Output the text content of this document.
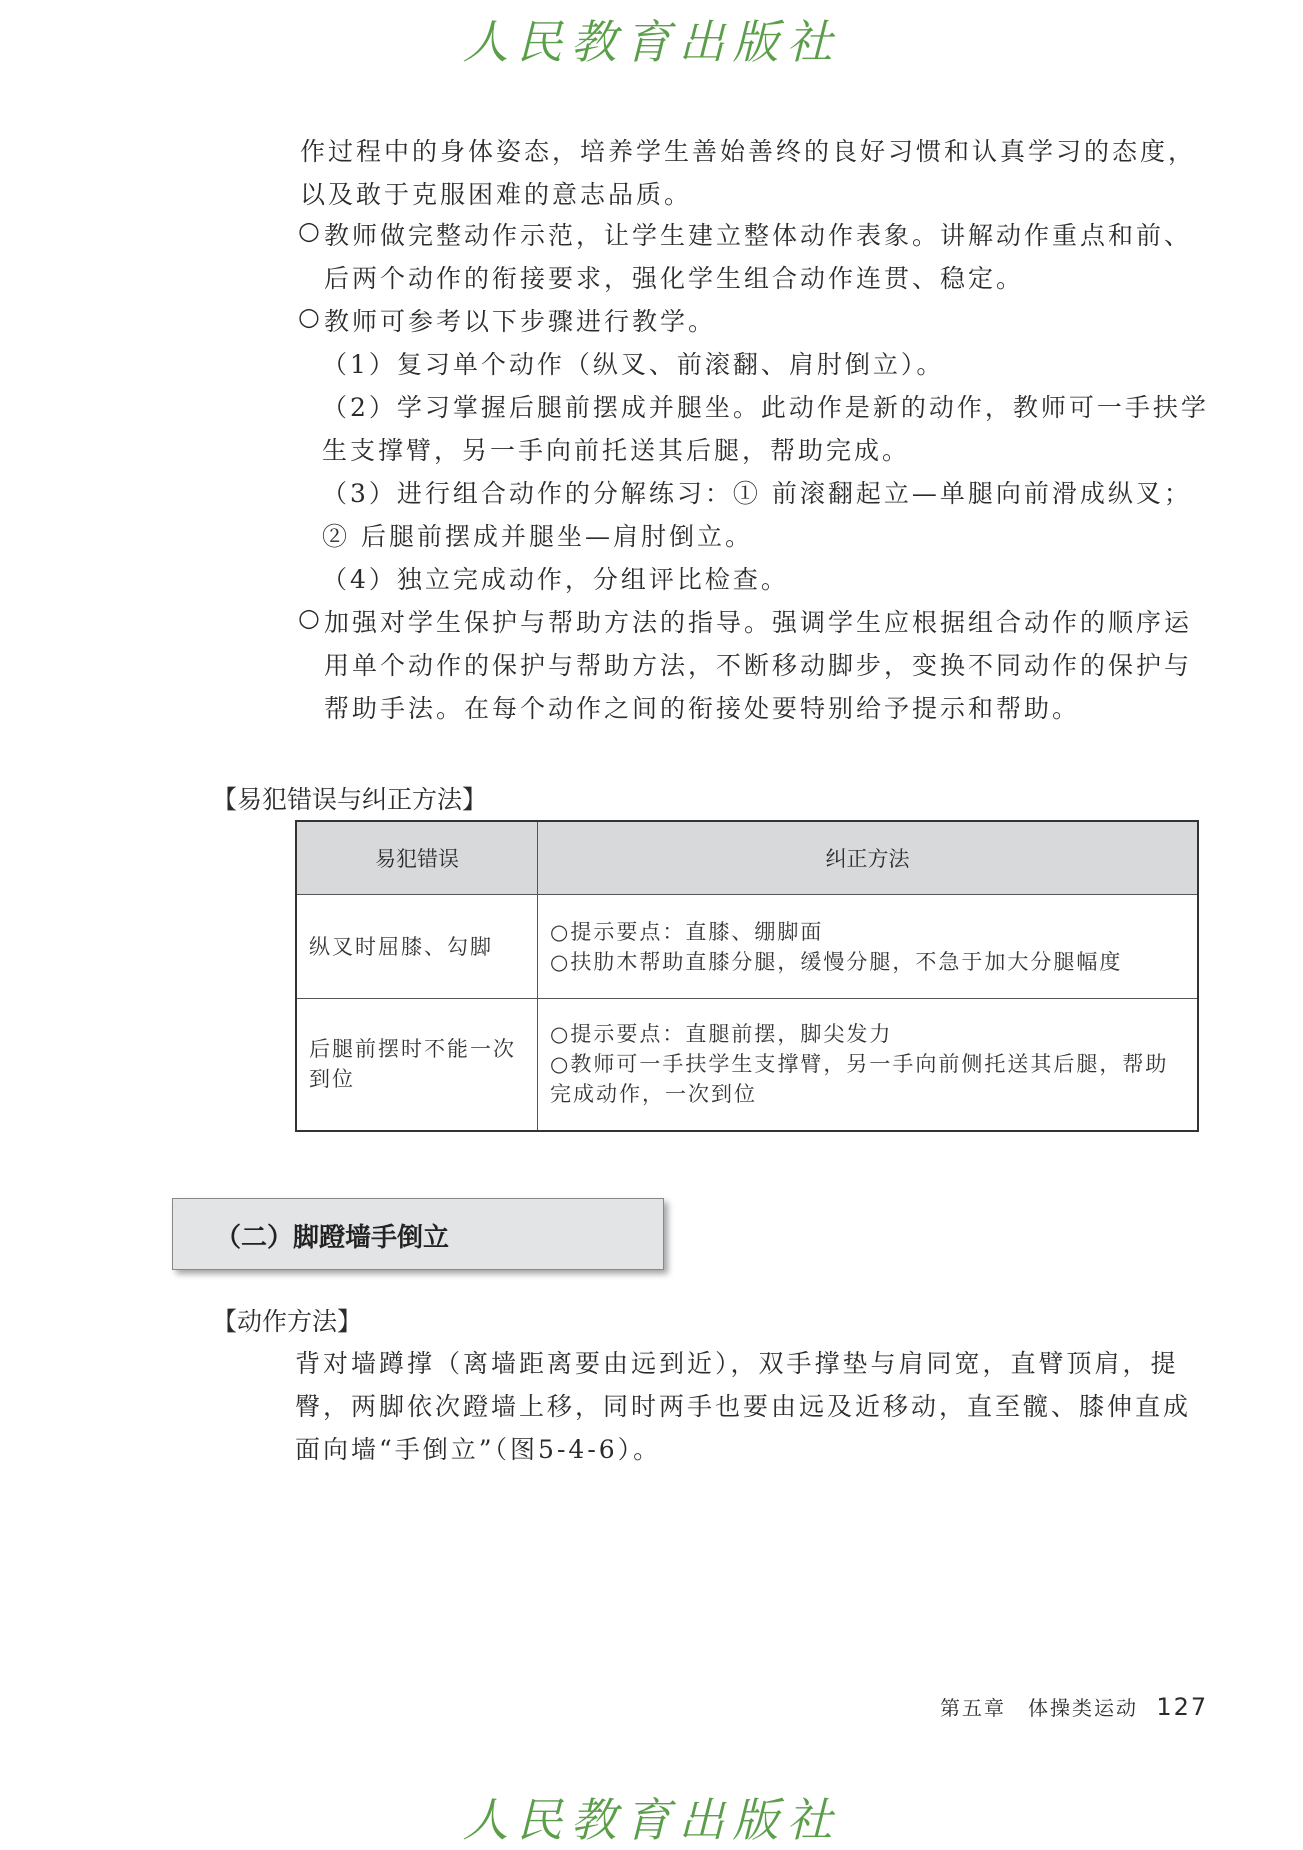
人民教育出版社
作过程中的身体姿态，培养学生善始善终的良好习惯和认真学习的态度，
以及敢于克服困难的意志品质。
○ 教师做完整动作示范，让学生建立整体动作表象。讲解动作重点和前、
后两个动作的衔接要求，强化学生组合动作连贯、稳定。
○ 教师可参考以下步骤进行教学。
（1）复习单个动作（纵叉、前滚翻、肩肘倒立）。
（2）学习掌握后腿前摆成并腿坐。此动作是新的动作，教师可一手扶学
生支撑臂，另一手向前托送其后腿，帮助完成。
（3）进行组合动作的分解练习：① 前滚翻起立—单腿向前滑成纵叉；
② 后腿前摆成并腿坐—肩肘倒立。
（4）独立完成动作，分组评比检查。
○ 加强对学生保护与帮助方法的指导。强调学生应根据组合动作的顺序运
用单个动作的保护与帮助方法，不断移动脚步，变换不同动作的保护与
帮助手法。在每个动作之间的衔接处要特别给予提示和帮助。
【易犯错误与纠正方法】
易犯错误	纠正方法
纵叉时屈膝、勾脚	○提示要点：直膝、绷脚面
○扶肋木帮助直膝分腿，缓慢分腿，不急于加大分腿幅度

后腿前摆时不能一次到位	○提示要点：直腿前摆，脚尖发力
○教师可一手扶学生支撑臂，另一手向前侧托送其后腿，帮助完成动作，一次到位
（二）脚蹬墙手倒立
【动作方法】
背对墙蹲撑（离墙距离要由远到近），双手撑垫与肩同宽，直臂顶肩，提
臀，两脚依次蹬墙上移，同时两手也要由远及近移动，直至髋、膝伸直成
面向墙“手倒立”（图5-4-6）。
第五章　体操类运动 127
人民教育出版社
